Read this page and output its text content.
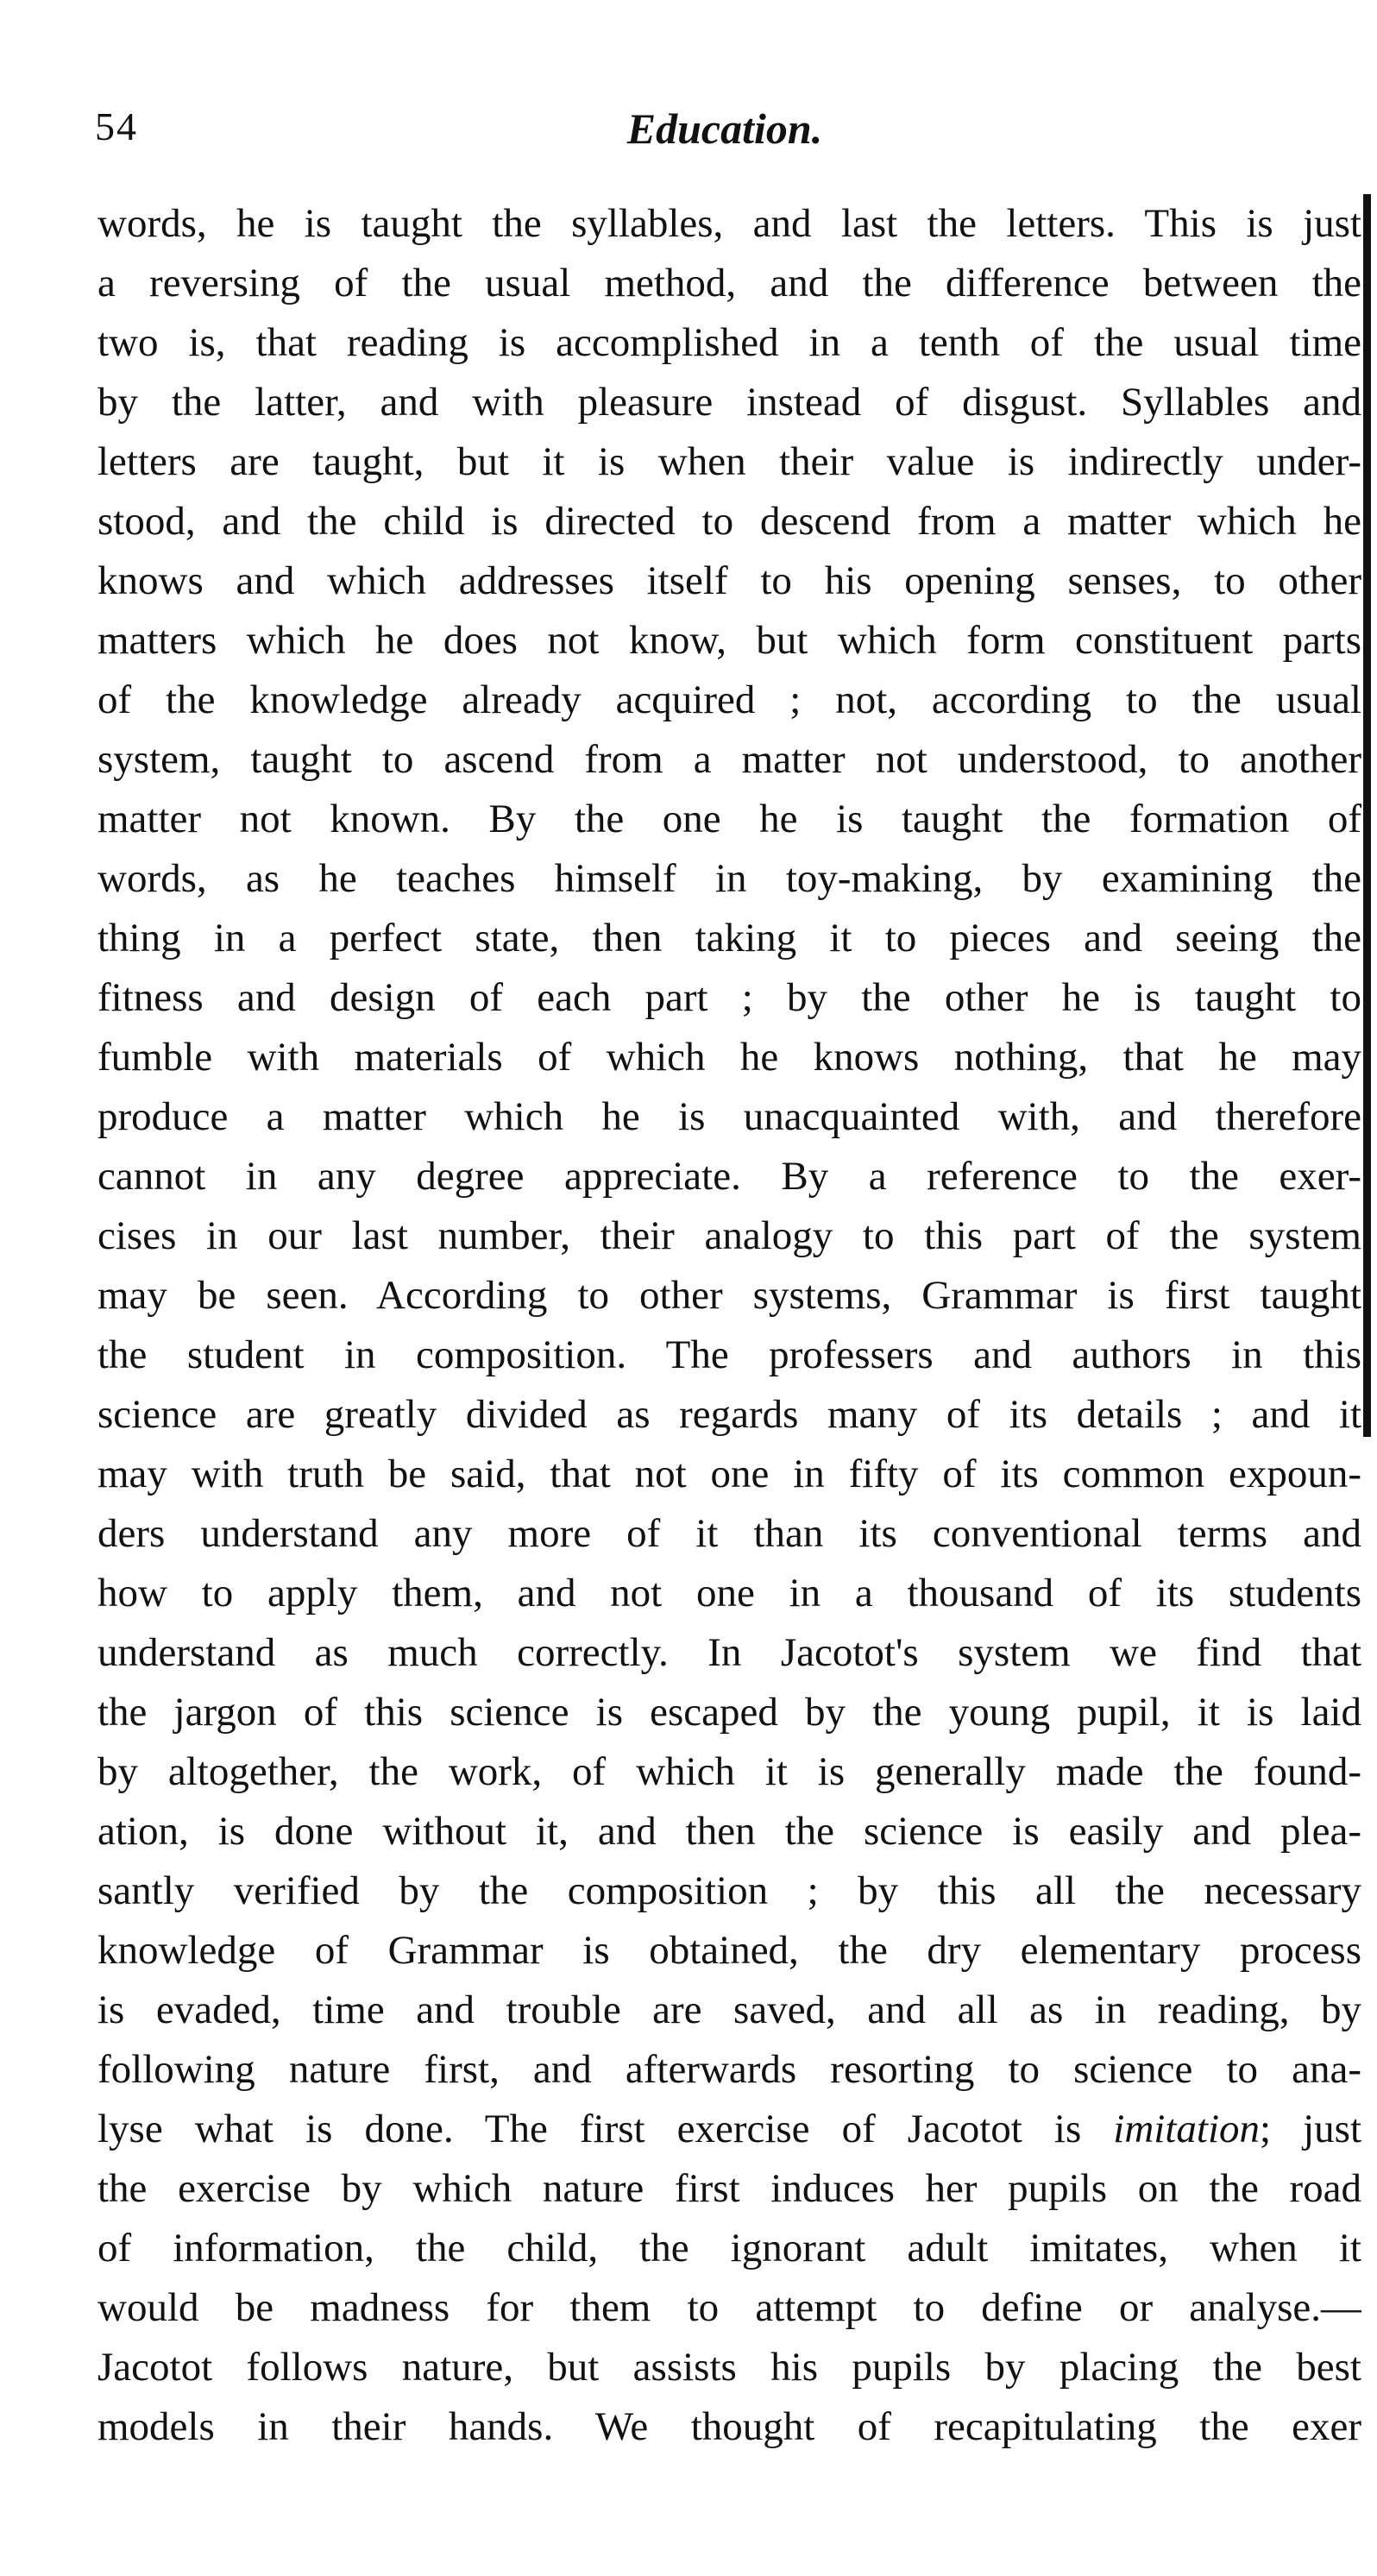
54	Education.
words, he is taught the syllables, and last the letters. This is just
a reversing of the usual method, and the difference between the
two is, that reading is accomplished in a tenth of the usual time
by the latter, and with pleasure instead of disgust. Syllables and
letters are taught, but it is when their value is indirectly under-
stood, and the child is directed to descend from a matter which he
knows and which addresses itself to his opening senses, to other
matters which he does not know, but which form constituent parts
of the knowledge already acquired ; not, according to the usual
system, taught to ascend from a matter not understood, to another
matter not known. By the one he is taught the formation of
words, as he teaches himself in toy-making, by examining the
thing in a perfect state, then taking it to pieces and seeing the
fitness and design of each part ; by the other he is taught to
fumble with materials of which he knows nothing, that he may
produce a matter which he is unacquainted with, and therefore
cannot in any degree appreciate. By a reference to the exer-
cises in our last number, their analogy to this part of the system
may be seen. According to other systems, Grammar is first taught
the student in composition. The professers and authors in this
science are greatly divided as regards many of its details ; and it
may with truth be said, that not one in fifty of its common expoun-
ders understand any more of it than its conventional terms and
how to apply them, and not one in a thousand of its students
understand as much correctly. In Jacotot's system we find that
the jargon of this science is escaped by the young pupil, it is laid
by altogether, the work, of which it is generally made the found-
ation, is done without it, and then the science is easily and plea-
santly verified by the composition ; by this all the necessary
knowledge of Grammar is obtained, the dry elementary process
is evaded, time and trouble are saved, and all as in reading, by
following nature first, and afterwards resorting to science to ana-
lyse what is done. The first exercise of Jacotot is imitation; just
the exercise by which nature first induces her pupils on the road
of information, the child, the ignorant adult imitates, when it
would be madness for them to attempt to define or analyse.—
Jacotot follows nature, but assists his pupils by placing the best
models in their hands. We thought of recapitulating the exer
